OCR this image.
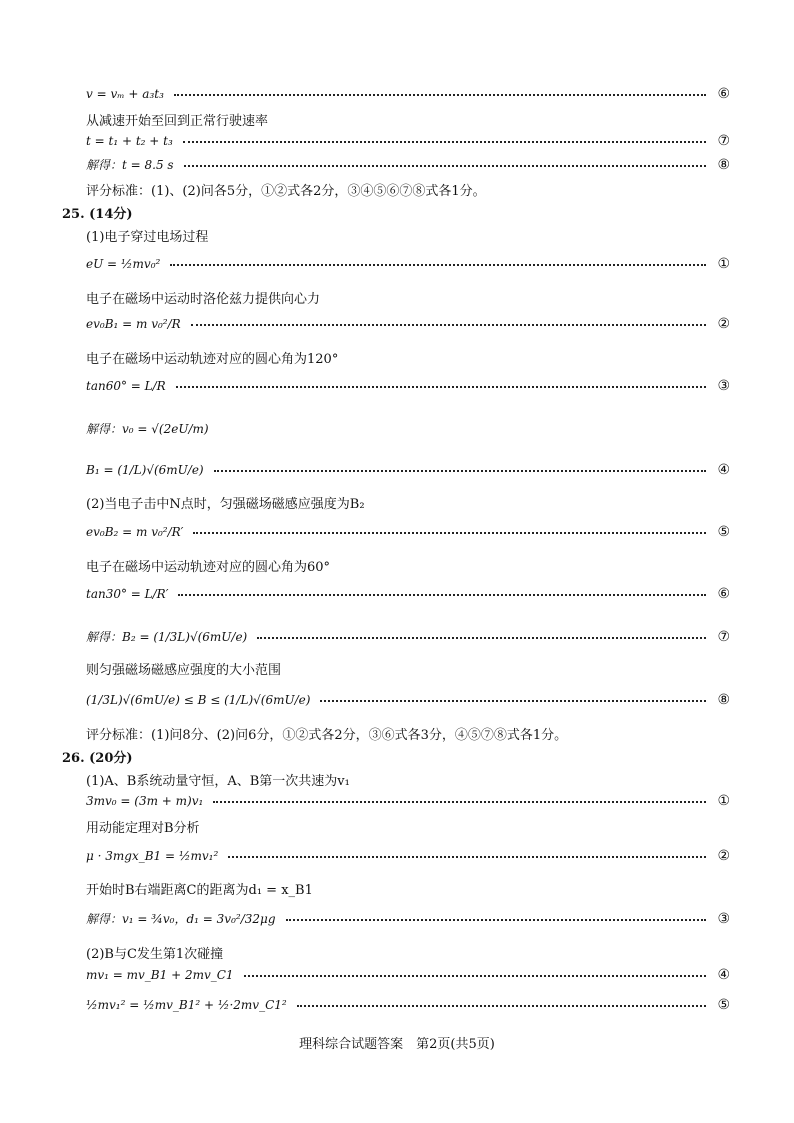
v = vₘ + a₃t₃	⑥
从减速开始至回到正常行驶速率
t = t₁ + t₂ + t₃	⑦
解得：t = 8.5 s	⑧
评分标准：(1)、(2)问各5分，①②式各2分，③④⑤⑥⑦⑧式各1分。
25. (14分)
(1)电子穿过电场过程
eU = ½mv₀²	①
电子在磁场中运动时洛伦兹力提供向心力
ev₀B₁ = m v₀²/R	②
电子在磁场中运动轨迹对应的圆心角为120°
tan60° = L/R	③
解得：v₀ = √(2eU/m)
B₁ = (1/L)√(6mU/e)	④
(2)当电子击中N点时，匀强磁场磁感应强度为B₂
ev₀B₂ = m v₀²/R′	⑤
电子在磁场中运动轨迹对应的圆心角为60°
tan30° = L/R′	⑥
解得：B₂ = (1/3L)√(6mU/e)	⑦
则匀强磁场磁感应强度的大小范围
(1/3L)√(6mU/e) ≤ B ≤ (1/L)√(6mU/e)	⑧
评分标准：(1)问8分、(2)问6分，①②式各2分，③⑥式各3分，④⑤⑦⑧式各1分。
26. (20分)
(1)A、B系统动量守恒，A、B第一次共速为v₁
3mv₀ = (3m + m)v₁	①
用动能定理对B分析
μ · 3mgx_B1 = ½mv₁²	②
开始时B右端距离C的距离为d₁ = x_B1
解得：v₁ = ¾v₀，d₁ = 3v₀²/32μg	③
(2)B与C发生第1次碰撞
mv₁ = mv_B1 + 2mv_C1	④
½mv₁² = ½mv_B1² + ½·2mv_C1²	⑤
理科综合试题答案　第2页(共5页)
